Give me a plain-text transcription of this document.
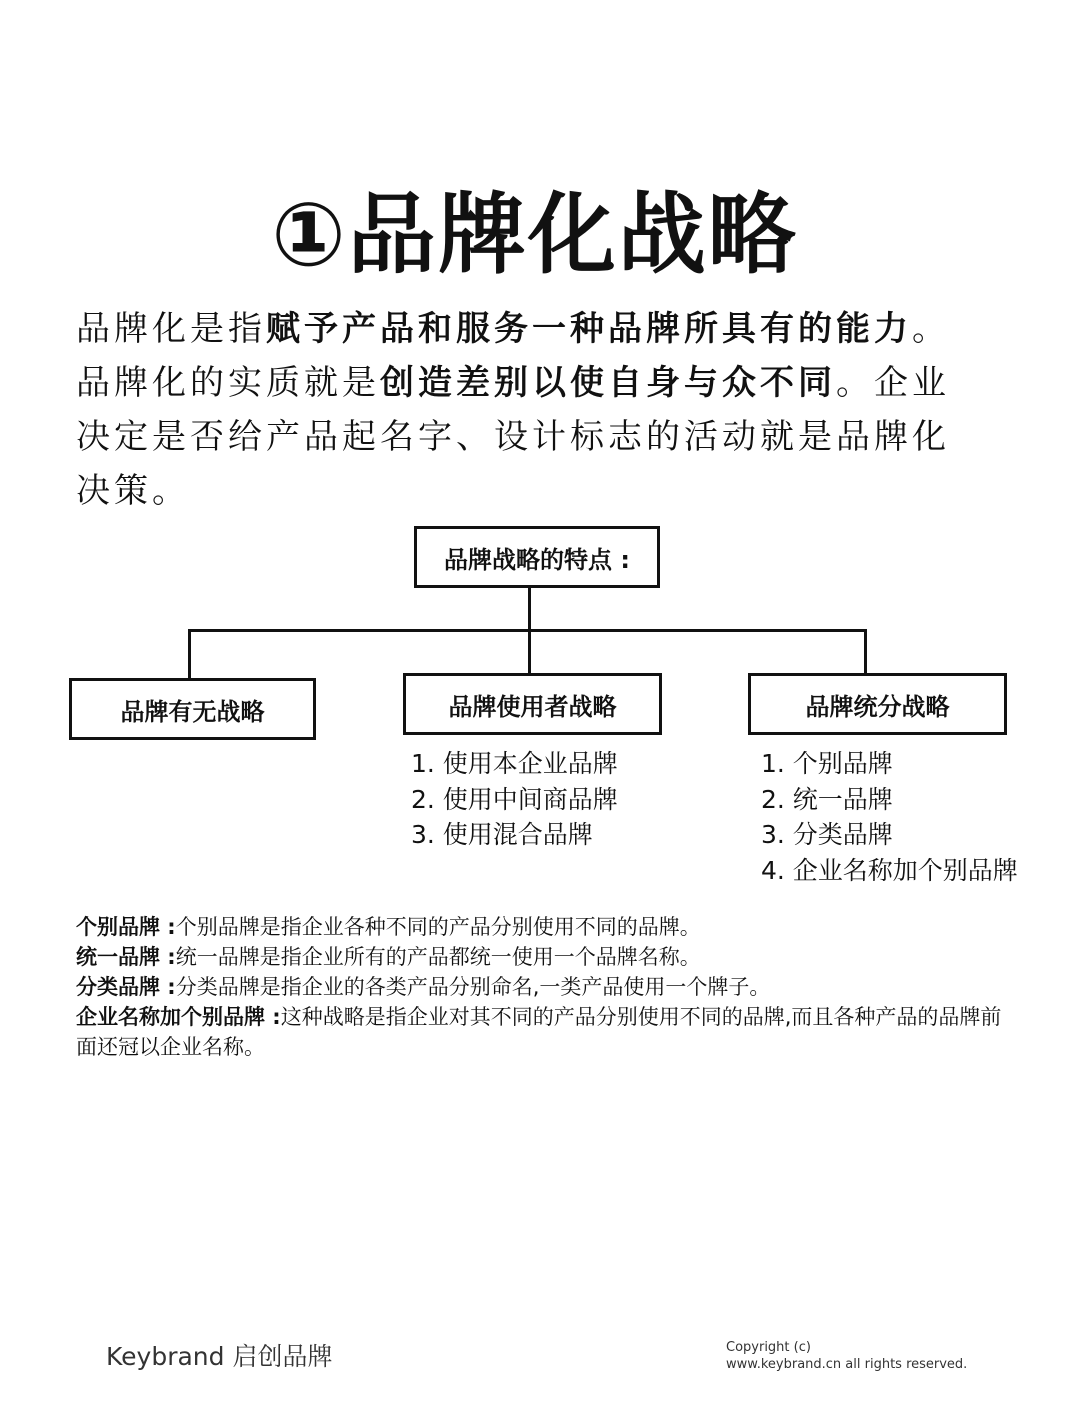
①品牌化战略
品牌化是指赋予产品和服务一种品牌所具有的能力。品牌化的实质就是创造差别以使自身与众不同。企业决定是否给产品起名字、设计标志的活动就是品牌化决策。
品牌战略的特点 :
品牌有无战略	品牌使用者战略	品牌统分战略
1. 使用本企业品牌
2. 使用中间商品牌
3. 使用混合品牌
1. 个别品牌
2. 统一品牌
3. 分类品牌
4. 企业名称加个别品牌

个别品牌 :个别品牌是指企业各种不同的产品分别使用不同的品牌。

统一品牌 :统一品牌是指企业所有的产品都统一使用一个品牌名称。

分类品牌 :分类品牌是指企业的各类产品分别命名,一类产品使用一个牌子。

企业名称加个别品牌 :这种战略是指企业对其不同的产品分别使用不同的品牌,而且各种产品的品牌前面还冠以企业名称。

Keybrand 启创品牌	Copyright (c)
www.keybrand.cn all rights reserved.
